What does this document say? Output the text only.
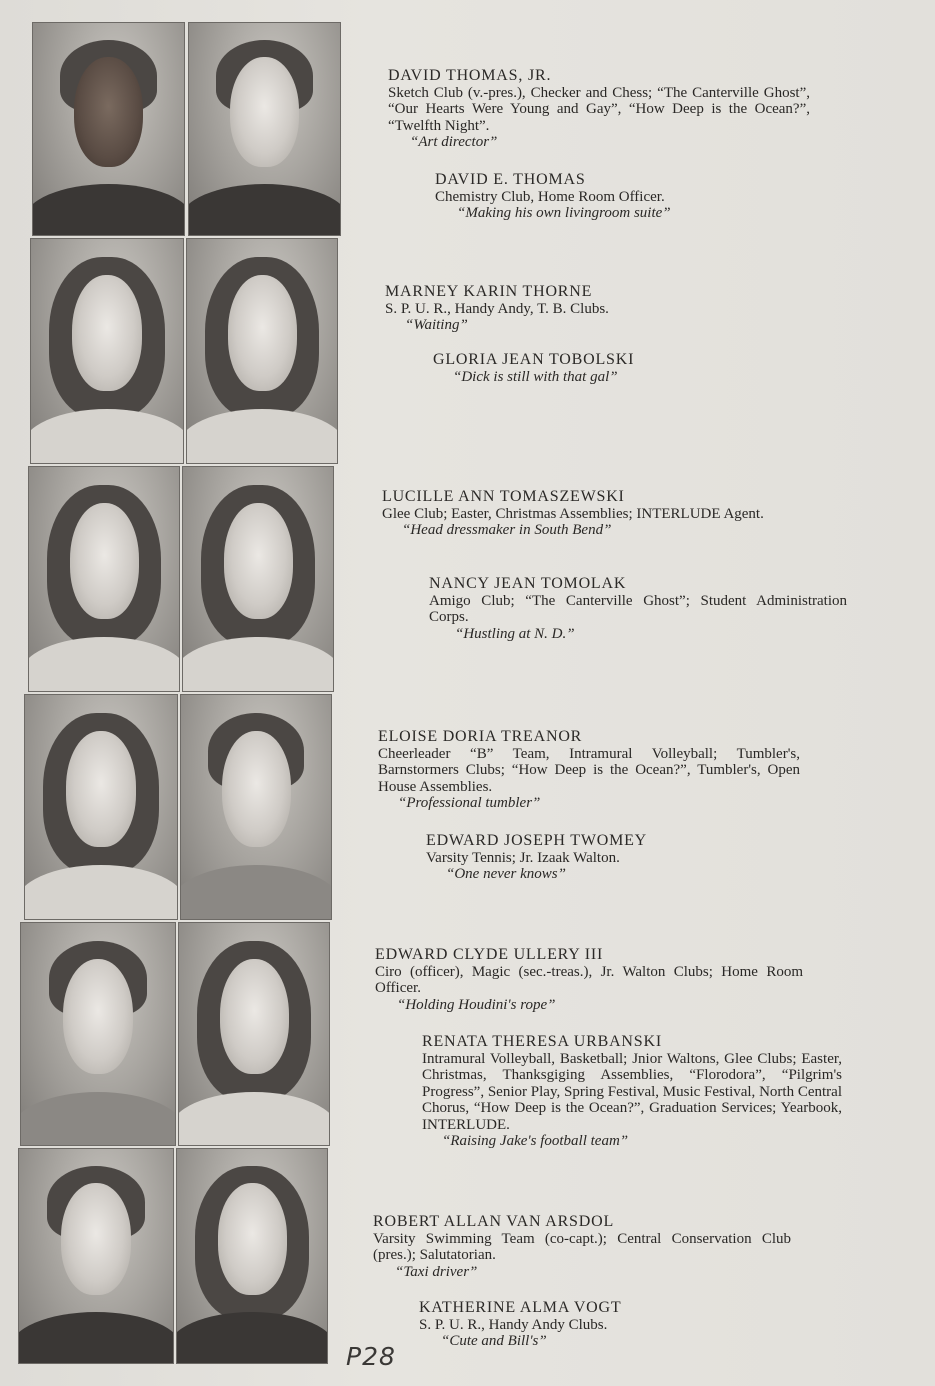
DAVID THOMAS, JR.
Sketch Club (v.-pres.), Checker and Chess; “The Canterville Ghost”, “Our Hearts Were Young and Gay”, “How Deep is the Ocean?”, “Twelfth Night”.
“Art director”
DAVID E. THOMAS
Chemistry Club, Home Room Officer.
“Making his own livingroom suite”
MARNEY KARIN THORNE
S. P. U. R., Handy Andy, T. B. Clubs.
“Waiting”
GLORIA JEAN TOBOLSKI
“Dick is still with that gal”
LUCILLE ANN TOMASZEWSKI
Glee Club; Easter, Christmas Assemblies; INTERLUDE Agent.
“Head dressmaker in South Bend”
NANCY JEAN TOMOLAK
Amigo Club; “The Canterville Ghost”; Student Administration Corps.
“Hustling at N. D.”
ELOISE DORIA TREANOR
Cheerleader “B” Team, Intramural Volleyball; Tumbler's, Barnstormers Clubs; “How Deep is the Ocean?”, Tumbler's, Open House Assemblies.
“Professional tumbler”
EDWARD JOSEPH TWOMEY
Varsity Tennis; Jr. Izaak Walton.
“One never knows”
EDWARD CLYDE ULLERY III
Ciro (officer), Magic (sec.-treas.), Jr. Walton Clubs; Home Room Officer.
“Holding Houdini's rope”
RENATA THERESA URBANSKI
Intramural Volleyball, Basketball; Jnior Waltons, Glee Clubs; Easter, Christmas, Thanksgiging Assemblies, “Florodora”, “Pilgrim's Progress”, Senior Play, Spring Festival, Music Festival, North Central Chorus, “How Deep is the Ocean?”, Graduation Services; Yearbook, INTERLUDE.
“Raising Jake's football team”
ROBERT ALLAN VAN ARSDOL
Varsity Swimming Team (co-capt.); Central Conservation Club (pres.); Salutatorian.
“Taxi driver”
KATHERINE ALMA VOGT
S. P. U. R., Handy Andy Clubs.
“Cute and Bill's”
P28
